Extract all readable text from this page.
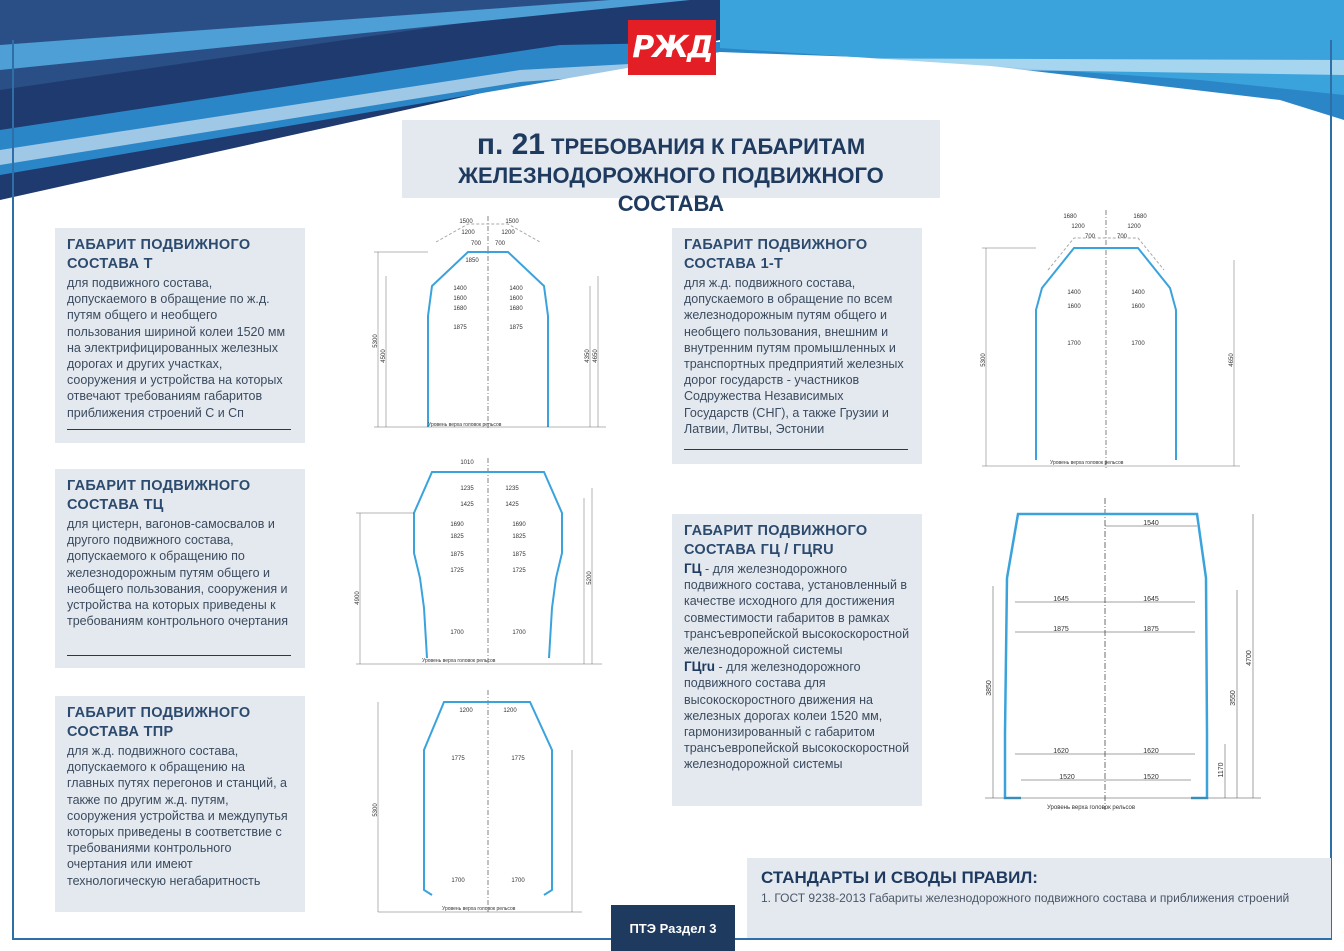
РЖД
п. 21 ТРЕБОВАНИЯ К ГАБАРИТАМ
ЖЕЛЕЗНОДОРОЖНОГО ПОДВИЖНОГО СОСТАВА
ГАБАРИТ ПОДВИЖНОГО СОСТАВА Т

для подвижного состава, допускаемого в обращение по ж.д. путям общего и необщего пользования шириной колеи 1520 мм на электрифицированных железных дорогах и других участках, сооружения и устройства на которых отвечают требованиям габаритов приближения строений С и Сп

ГАБАРИТ ПОДВИЖНОГО СОСТАВА ТЦ

для цистерн, вагонов-самосвалов и другого подвижного состава, допускаемого к обращению по железнодорожным путям общего и необщего пользования, сооружения и устройства на которых приведены к требованиям контрольного очертания

ГАБАРИТ ПОДВИЖНОГО СОСТАВА ТПР

для ж.д. подвижного состава, допускаемого к обращению на главных путях перегонов и станций, а также по другим ж.д. путям, сооружения устройства и междупутья которых приведены в соответствие с требованиями контрольного очертания или имеют технологическую негабаритность

ГАБАРИТ ПОДВИЖНОГО СОСТАВА 1-Т

для ж.д. подвижного состава, допускаемого в обращение по всем железнодорожным путям общего и необщего пользования, внешним и внутренним путям промышленных и транспортных предприятий железных дорог государств - участников Содружества Независимых Государств (СНГ), а также Грузии и Латвии, Литвы, Эстонии

ГАБАРИТ ПОДВИЖНОГО СОСТАВА ГЦ / ГЦRU

ГЦ - для железнодорожного подвижного состава, установленный в качестве исходного для достижения совместимости габаритов в рамках трансъевропейской высокоскоростной железнодорожной системы

ГЦru - для железнодорожного подвижного состава для высокоскоростного движения на железных дорогах колеи 1520 мм, гармонизированный с габаритом трансъевропейской высокоскоростной железнодорожной системы

1500	1500
1200	1200
700 700
1850
1400	1400
1600	1600
1680	1680
1875	1875
5300
4500	4650
4350
Уровень верха головок рельсов
1010
1235	1235
1425	1425
1690	1690
1825	1825
1875	1875
1725	1725
1700	1700
4900
5200
Уровень верха головок рельсов
1200	1200
1775	1775
1700	1700
5300
Уровень верха головок рельсов
1680	1680
1200	1200
700	700
1400	1400
1600	1600
1700	1700
5300	4650
Уровень верха головок рельсов
1540
1645	1645
1875	1875
1620	1620
1520	1520
3850
4700
3550
1170
Уровень верха головок рельсов
СТАНДАРТЫ И СВОДЫ ПРАВИЛ:

1. ГОСТ 9238-2013 Габариты железнодорожного подвижного состава и приближения строений

ПТЭ Раздел 3
